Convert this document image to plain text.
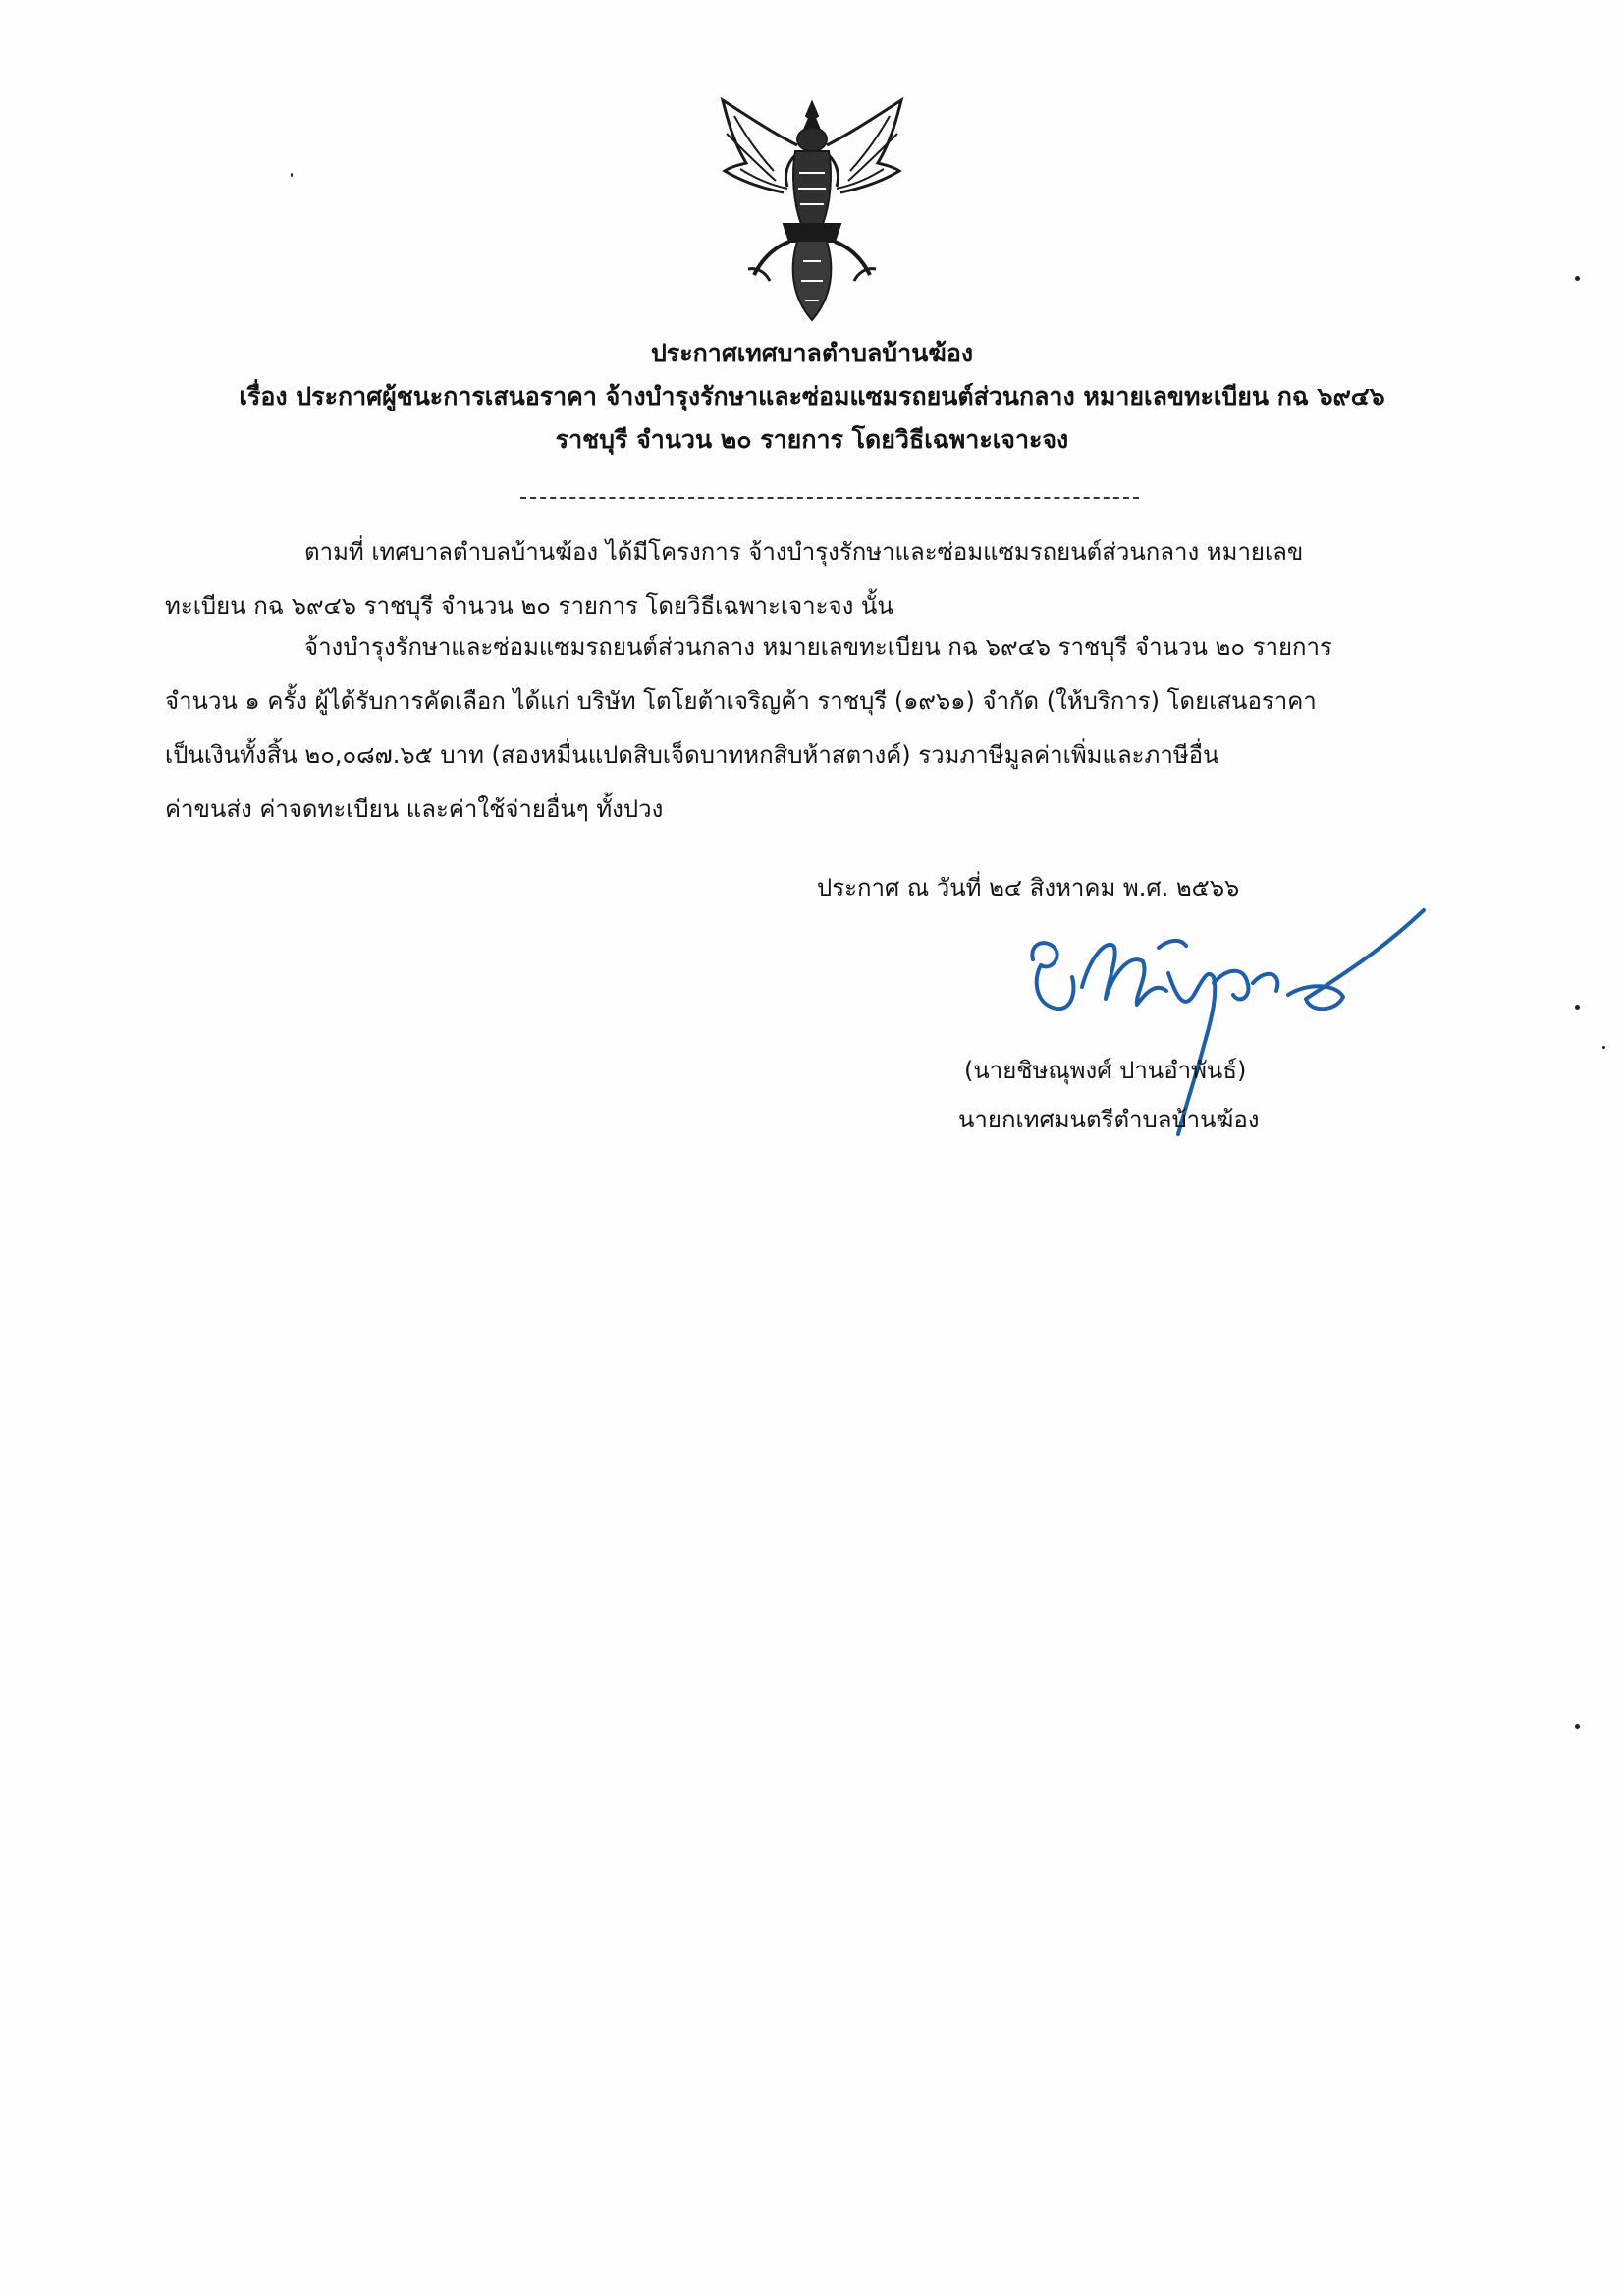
ประกาศเทศบาลตำบลบ้านฆ้อง
เรื่อง ประกาศผู้ชนะการเสนอราคา จ้างบำรุงรักษาและซ่อมแซมรถยนต์ส่วนกลาง หมายเลขทะเบียน กฉ ๖๙๔๖
ราชบุรี จำนวน ๒๐ รายการ โดยวิธีเฉพาะเจาะจง
ตามที่ เทศบาลตำบลบ้านฆ้อง ได้มีโครงการ จ้างบำรุงรักษาและซ่อมแซมรถยนต์ส่วนกลาง หมายเลข
ทะเบียน กฉ ๖๙๔๖ ราชบุรี จำนวน ๒๐ รายการ โดยวิธีเฉพาะเจาะจง นั้น
จ้างบำรุงรักษาและซ่อมแซมรถยนต์ส่วนกลาง หมายเลขทะเบียน กฉ ๖๙๔๖ ราชบุรี จำนวน ๒๐ รายการ
จำนวน ๑ ครั้ง ผู้ได้รับการคัดเลือก ได้แก่ บริษัท โตโยต้าเจริญค้า ราชบุรี (๑๙๖๑) จำกัด (ให้บริการ) โดยเสนอราคา
เป็นเงินทั้งสิ้น ๒๐,๐๘๗.๖๕ บาท (สองหมื่นแปดสิบเจ็ดบาทหกสิบห้าสตางค์) รวมภาษีมูลค่าเพิ่มและภาษีอื่น
ค่าขนส่ง ค่าจดทะเบียน และค่าใช้จ่ายอื่นๆ ทั้งปวง
ประกาศ ณ วันที่ ๒๔ สิงหาคม พ.ศ. ๒๕๖๖
(นายชิษณุพงศ์ ปานอำพันธ์)
นายกเทศมนตรีตำบลบ้านฆ้อง
